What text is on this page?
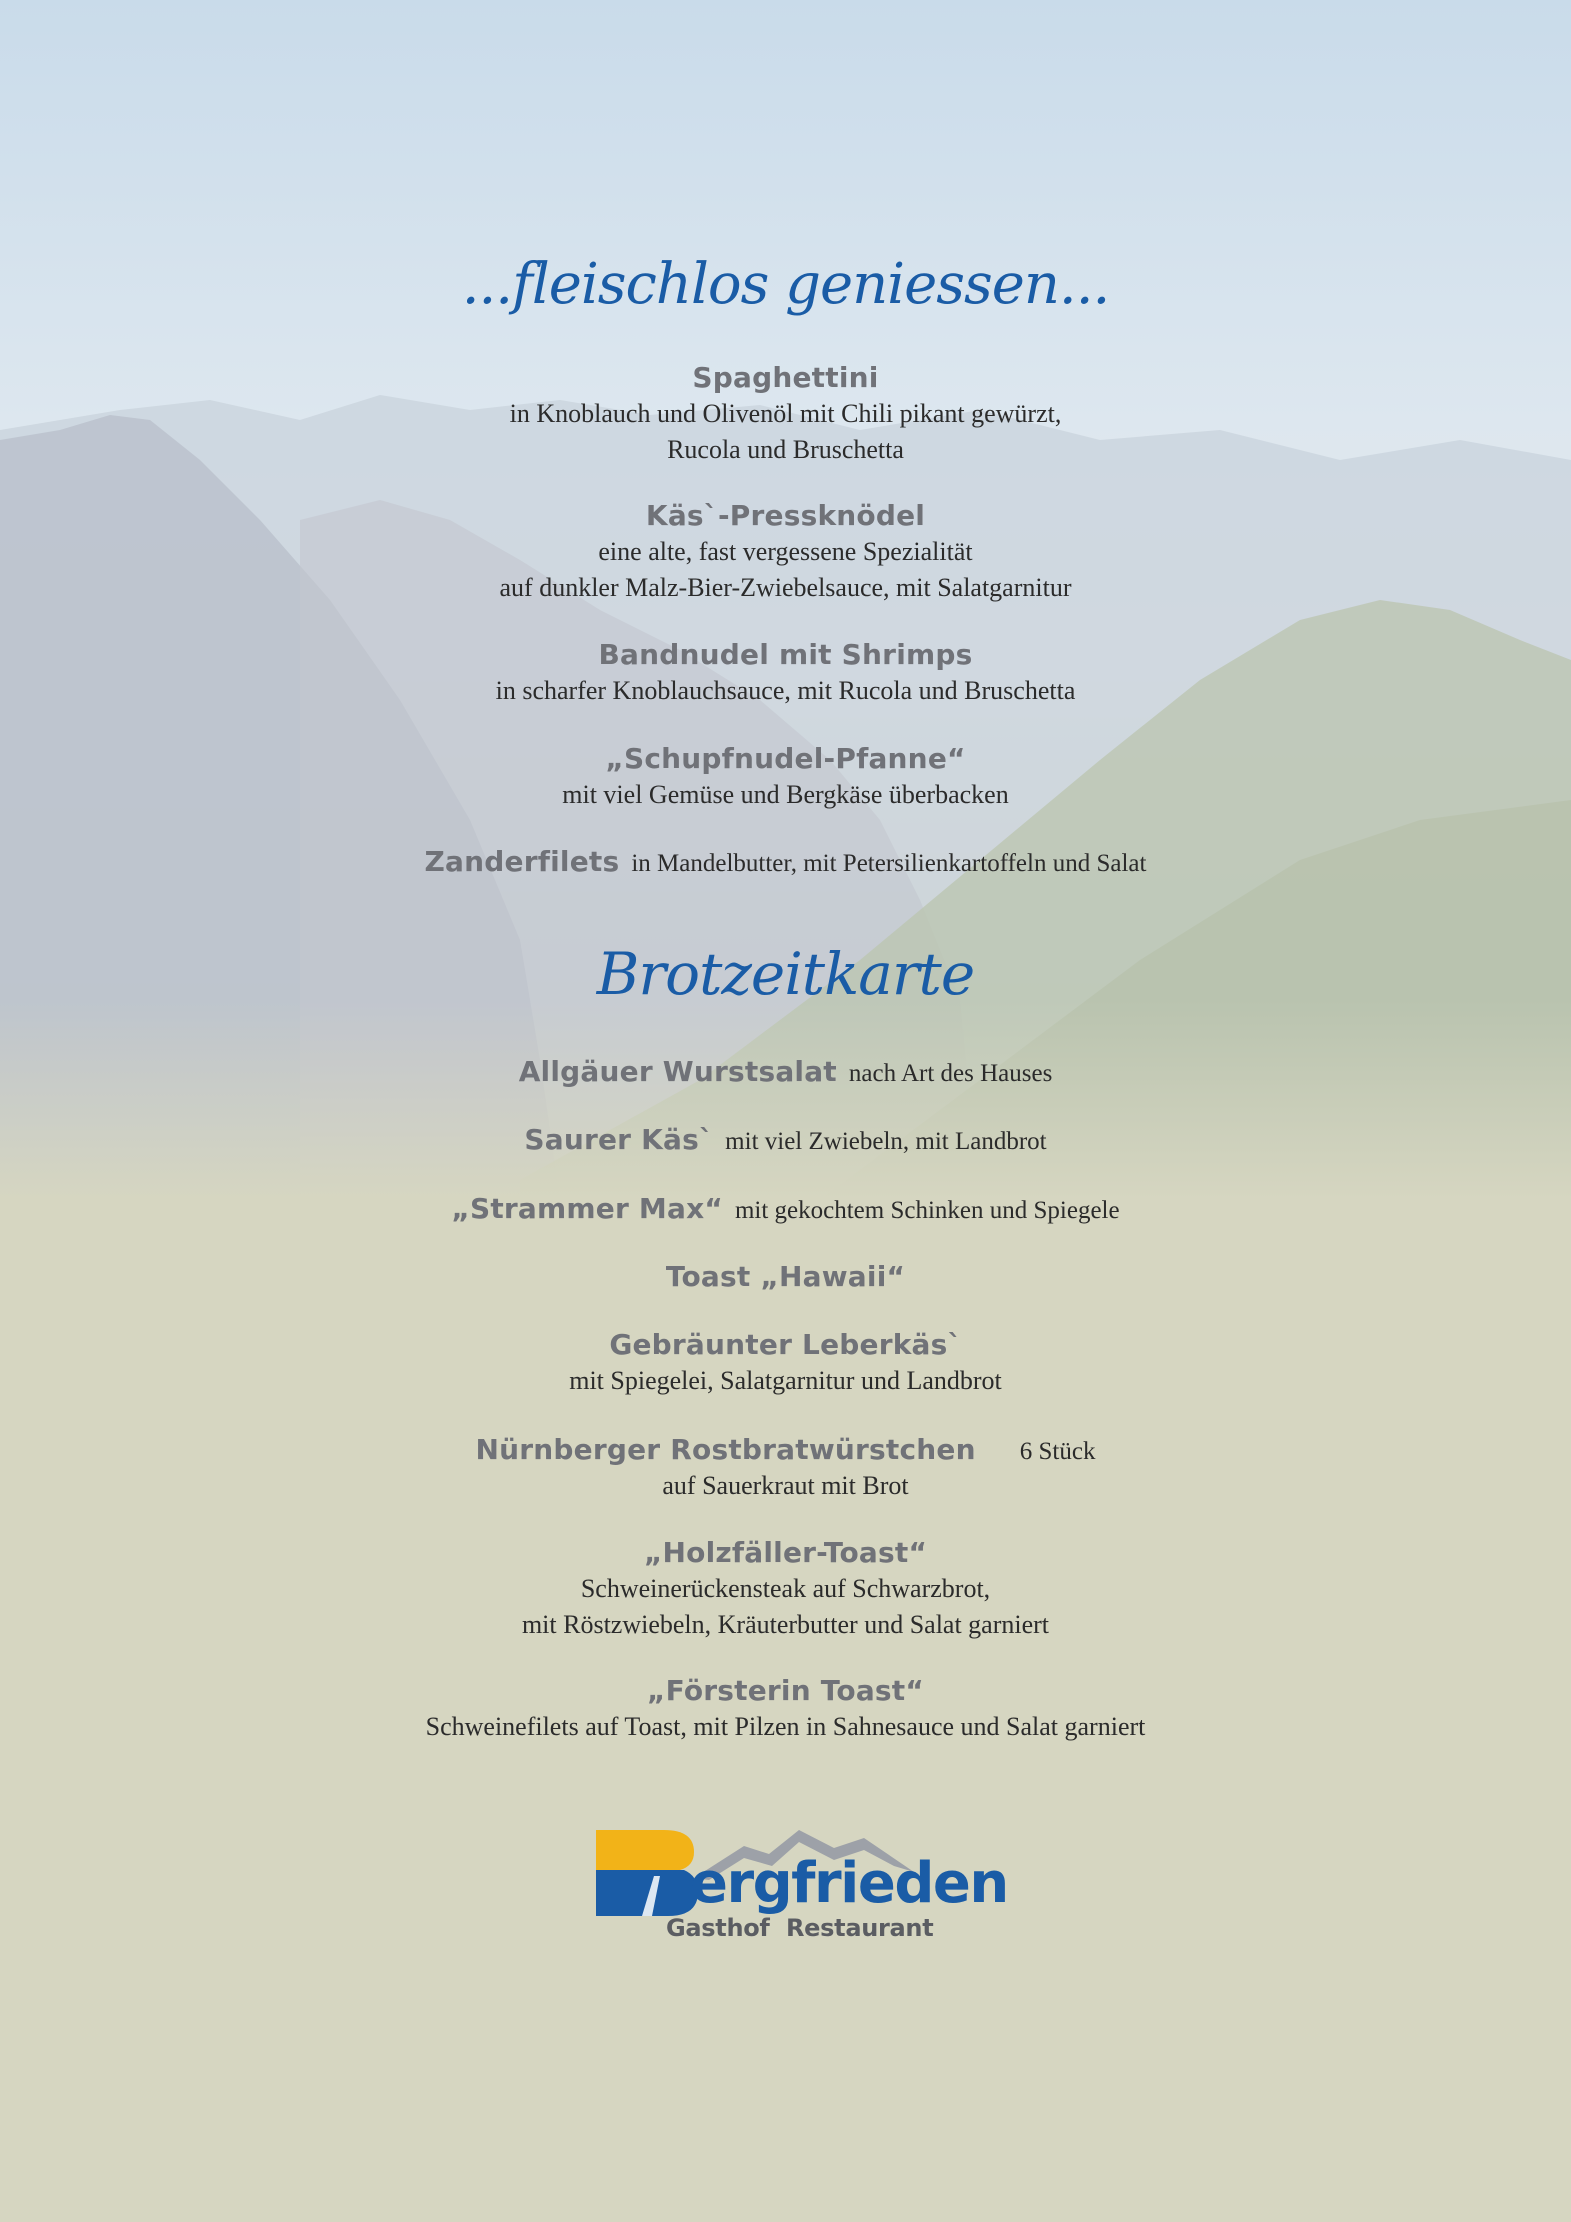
...fleischlos geniessen...
Spaghettini
in Knoblauch und Olivenöl mit Chili pikant gewürzt,
Rucola und Bruschetta
Käs`-Pressknödel
eine alte, fast vergessene Spezialität
auf dunkler Malz-Bier-Zwiebelsauce, mit Salatgarnitur
Bandnudel mit Shrimps
in scharfer Knoblauchsauce, mit Rucola und Bruschetta
„Schupfnudel-Pfanne“
mit viel Gemüse und Bergkäse überbacken
Zanderfilets in Mandelbutter, mit Petersilienkartoffeln und Salat
Brotzeitkarte
Allgäuer Wurstsalat nach Art des Hauses
Saurer Käs` mit viel Zwiebeln, mit Landbrot
„Strammer Max“ mit gekochtem Schinken und Spiegele
Toast „Hawaii“
Gebräunter Leberkäs`
mit Spiegelei, Salatgarnitur und Landbrot
Nürnberger Rostbratwürstchen 6 Stück
auf Sauerkraut mit Brot
„Holzfäller-Toast“
Schweinerückensteak auf Schwarzbrot,
mit Röstzwiebeln, Kräuterbutter und Salat garniert
„Försterin Toast“
Schweinefilets auf Toast, mit Pilzen in Sahnesauce und Salat garniert
ergfrieden
Gasthof Restaurant
